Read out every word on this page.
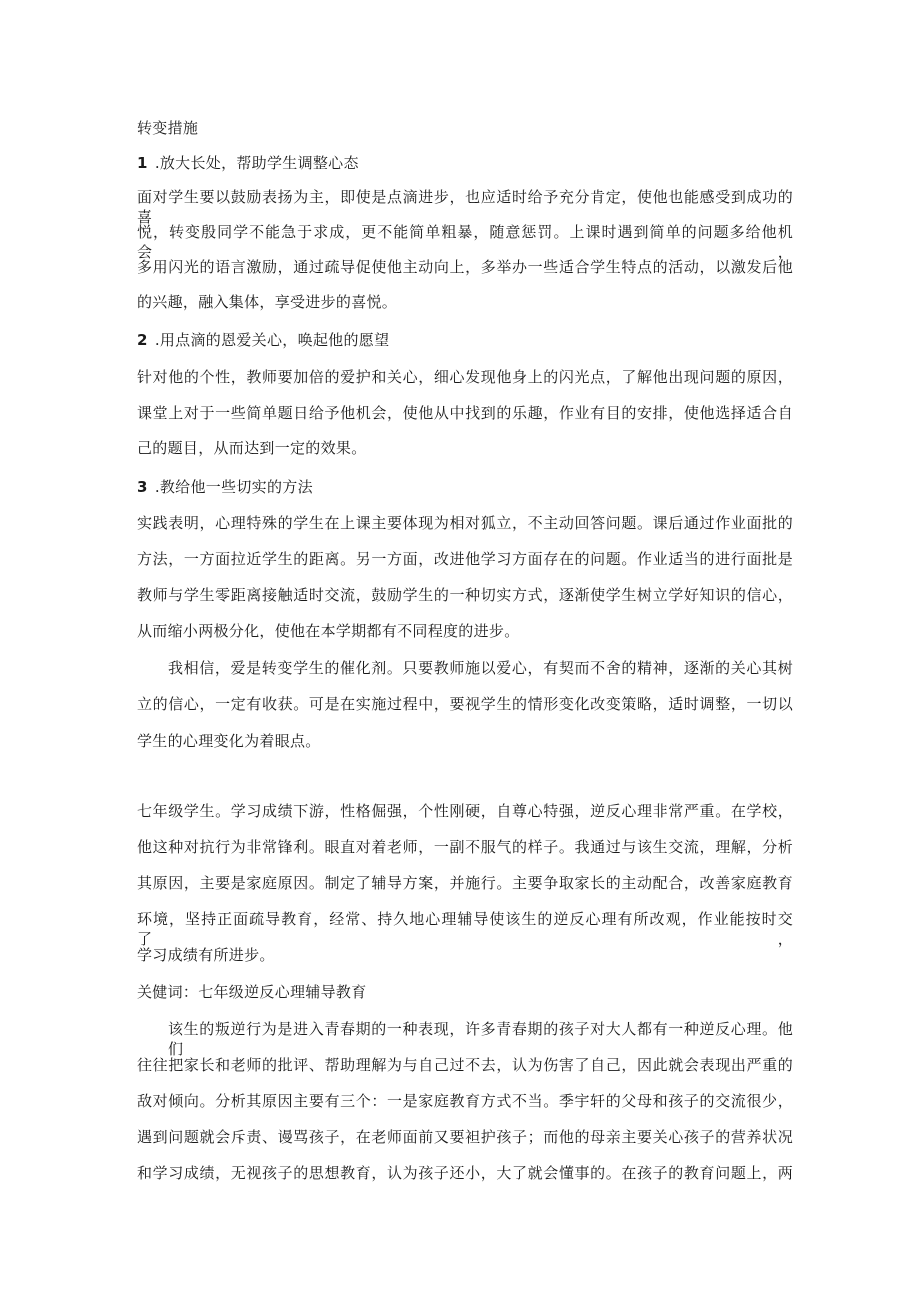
转变措施
1 .放大长处，帮助学生调整心态
面对学生要以鼓励表扬为主，即使是点滴进步，也应适时给予充分肯定，使他也能感受到成功的喜
悦，转变殷同学不能急于求成，更不能简单粗暴，随意惩罚。上课时遇到简单的问题多给他机会，
多用闪光的语言激励，通过疏导促使他主动向上，多举办一些适合学生特点的活动，以激发后他
的兴趣，融入集体，享受进步的喜悦。
2 .用点滴的恩爱关心，唤起他的愿望
针对他的个性，教师要加倍的爱护和关心，细心发现他身上的闪光点，了解他出现问题的原因，
课堂上对于一些简单题日给予他机会，使他从中找到的乐趣，作业有目的安排，使他选择适合自
己的题目，从而达到一定的效果。
3 .教给他一些切实的方法
实践表明，心理特殊的学生在上课主要体现为相对狐立，不主动回答问题。课后通过作业面批的
方法，一方面拉近学生的距离。另一方面，改进他学习方面存在的问题。作业适当的进行面批是
教师与学生零距离接触适时交流，鼓励学生的一种切实方式，逐渐使学生树立学好知识的信心，
从而缩小两极分化，使他在本学期都有不同程度的进步。
我相信，爱是转变学生的催化剂。只要教师施以爱心，有契而不舍的精神，逐渐的关心其树
立的信心，一定有收获。可是在实施过程中，要视学生的情形变化改变策略，适时调整，一切以
学生的心理变化为着眼点。
七年级学生。学习成绩下游，性格倔强，个性刚硬，自尊心特强，逆反心理非常严重。在学校，
他这种对抗行为非常锋利。眼直对着老师，一副不服气的样子。我通过与该生交流，理解，分析
其原因，主要是家庭原因。制定了辅导方案，并施行。主要争取家长的主动配合，改善家庭教育
环境，坚持正面疏导教育，经常、持久地心理辅导使该生的逆反心理有所改观，作业能按时交了，
学习成绩有所进步。
关健词：七年级逆反心理辅导教育
该生的叛逆行为是进入青春期的一种表现，许多青春期的孩子对大人都有一种逆反心理。他们
往往把家长和老师的批评、帮助理解为与自己过不去，认为伤害了自己，因此就会表现出严重的
敌对倾向。分析其原因主要有三个：一是家庭教育方式不当。季宇轩的父母和孩子的交流很少，
遇到问题就会斥责、谩骂孩子，在老师面前又要袒护孩子；而他的母亲主要关心孩子的营养状况
和学习成绩，无视孩子的思想教育，认为孩子还小，大了就会懂事的。在孩子的教育问题上，两
